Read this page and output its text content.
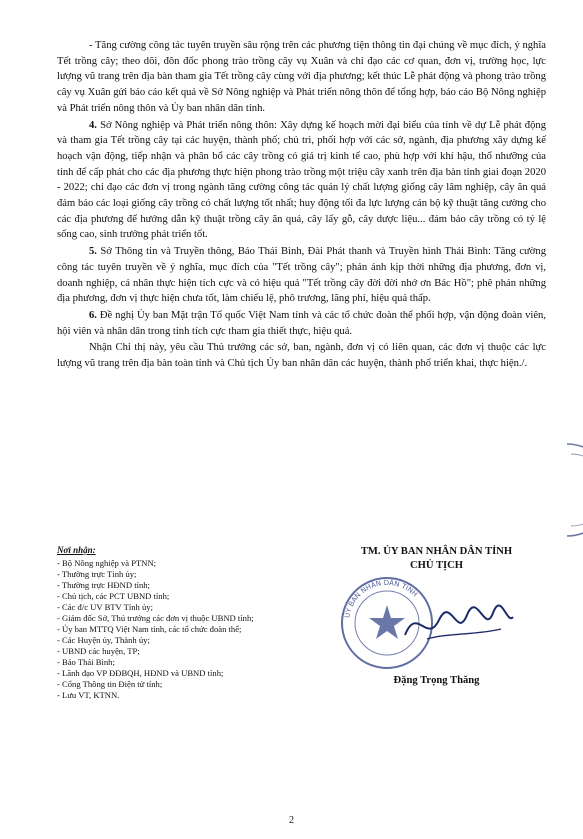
- Tăng cường công tác tuyên truyền sâu rộng trên các phương tiện thông tin đại chúng về mục đích, ý nghĩa Tết trồng cây; theo dõi, đôn đốc phong trào trồng cây vụ Xuân và chỉ đạo các cơ quan, đơn vị, trường học, lực lượng vũ trang trên địa bàn tham gia Tết trồng cây cùng với địa phương; kết thúc Lễ phát động và phong trào trồng cây vụ Xuân gửi báo cáo kết quả về Sở Nông nghiệp và Phát triển nông thôn để tổng hợp, báo cáo Bộ Nông nghiệp và Phát triển nông thôn và Ủy ban nhân dân tỉnh.

4. Sở Nông nghiệp và Phát triển nông thôn: Xây dựng kế hoạch mời đại biểu của tỉnh về dự Lễ phát động và tham gia Tết trồng cây tại các huyện, thành phố; chủ trì, phối hợp với các sở, ngành, địa phương xây dựng kế hoạch vận động, tiếp nhận và phân bổ các cây trồng có giá trị kinh tế cao, phù hợp với khí hậu, thổ nhưỡng của tỉnh để cấp phát cho các địa phương thực hiện phong trào trồng một triệu cây xanh trên địa bàn tỉnh giai đoạn 2020 - 2022; chỉ đạo các đơn vị trong ngành tăng cường công tác quản lý chất lượng giống cây lâm nghiệp, cây ăn quả đảm bảo các loại giống cây trồng có chất lượng tốt nhất; huy động tối đa lực lượng cán bộ kỹ thuật tăng cường cho các địa phương để hướng dẫn kỹ thuật trồng cây ăn quả, cây lấy gỗ, cây dược liệu... đảm bảo cây trồng có tỷ lệ sống cao, sinh trưởng phát triển tốt.

5. Sở Thông tin và Truyền thông, Báo Thái Bình, Đài Phát thanh và Truyền hình Thái Bình: Tăng cường công tác tuyên truyền về ý nghĩa, mục đích của "Tết trồng cây"; phản ánh kịp thời những địa phương, đơn vị, doanh nghiệp, cá nhân thực hiện tích cực và có hiệu quả "Tết trồng cây đời đời nhớ ơn Bác Hồ"; phê phán những địa phương, đơn vị thực hiện chưa tốt, làm chiếu lệ, phô trương, lãng phí, hiệu quả thấp.

6. Đề nghị Ủy ban Mặt trận Tổ quốc Việt Nam tỉnh và các tổ chức đoàn thể phối hợp, vận động đoàn viên, hội viên và nhân dân trong tỉnh tích cực tham gia thiết thực, hiệu quả.

Nhận Chỉ thị này, yêu cầu Thủ trưởng các sở, ban, ngành, đơn vị có liên quan, các đơn vị thuộc các lực lượng vũ trang trên địa bàn toàn tỉnh và Chủ tịch Ủy ban nhân dân các huyện, thành phố triển khai, thực hiện./.

Nơi nhận:

- Bộ Nông nghiệp và PTNN;

- Thường trực Tỉnh ủy;

- Thường trực HĐND tỉnh;

- Chủ tịch, các PCT UBND tỉnh;

- Các đ/c UV BTV Tỉnh ủy;

- Giám đốc Sở, Thủ trưởng các đơn vị thuộc UBND tỉnh;

- Ủy ban MTTQ Việt Nam tỉnh, các tổ chức đoàn thể;

- Các Huyện ủy, Thành ủy;

- UBND các huyện, TP;

- Báo Thái Bình;

- Lãnh đạo VP ĐĐBQH, HĐND và UBND tỉnh;

- Cổng Thông tin Điện tử tỉnh;

- Lưu VT, KTNN.

TM. ỦY BAN NHÂN DÂN TỈNH

CHỦ TỊCH

ỦY BAN NHÂN DÂN TỈNH
Đặng Trọng Thăng
2
